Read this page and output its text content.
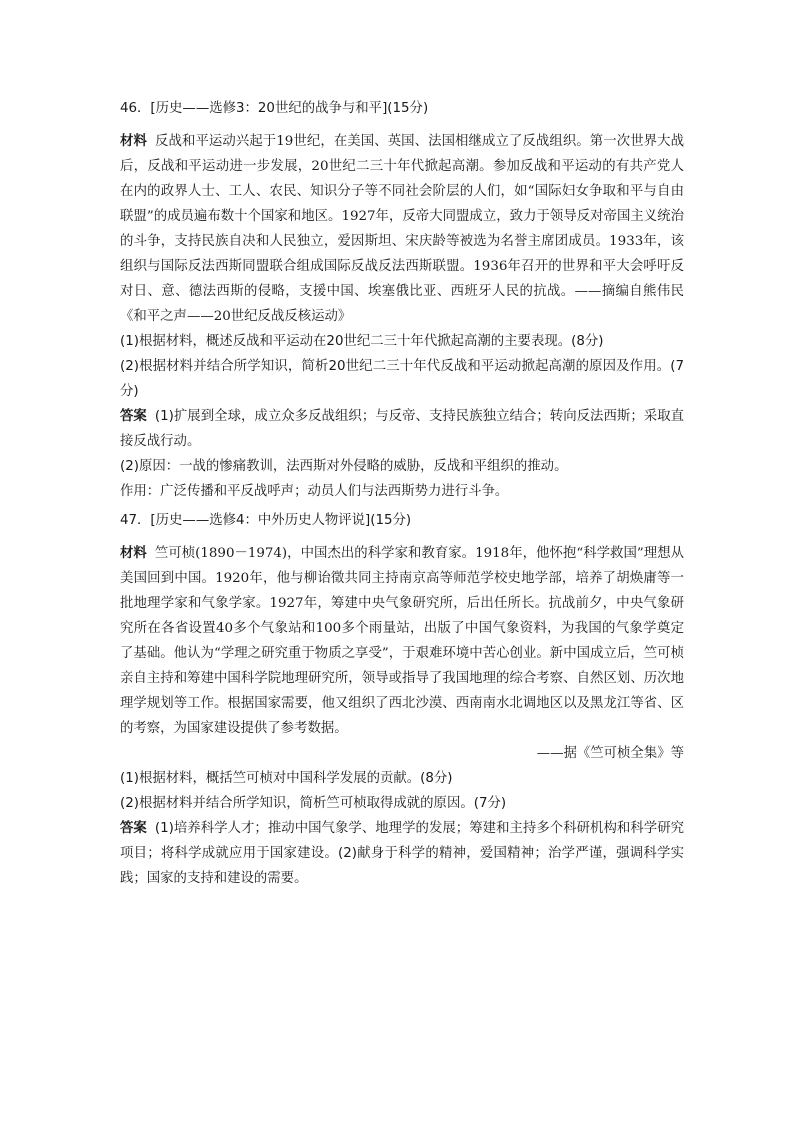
46．[历史——选修3：20世纪的战争与和平](15分)

材料 反战和平运动兴起于19世纪，在美国、英国、法国相继成立了反战组织。第一次世界大战后，反战和平运动进一步发展，20世纪二三十年代掀起高潮。参加反战和平运动的有共产党人在内的政界人士、工人、农民、知识分子等不同社会阶层的人们，如“国际妇女争取和平与自由联盟”的成员遍布数十个国家和地区。1927年，反帝大同盟成立，致力于领导反对帝国主义统治的斗争，支持民族自决和人民独立，爱因斯坦、宋庆龄等被选为名誉主席团成员。1933年，该组织与国际反法西斯同盟联合组成国际反战反法西斯联盟。1936年召开的世界和平大会呼吁反对日、意、德法西斯的侵略，支援中国、埃塞俄比亚、西班牙人民的抗战。——摘编自熊伟民《和平之声——20世纪反战反核运动》

(1)根据材料，概述反战和平运动在20世纪二三十年代掀起高潮的主要表现。(8分)

(2)根据材料并结合所学知识，简析20世纪二三十年代反战和平运动掀起高潮的原因及作用。(7分)

答案 (1)扩展到全球，成立众多反战组织；与反帝、支持民族独立结合；转向反法西斯；采取直接反战行动。

(2)原因：一战的惨痛教训，法西斯对外侵略的威胁，反战和平组织的推动。

作用：广泛传播和平反战呼声；动员人们与法西斯势力进行斗争。

47．[历史——选修4：中外历史人物评说](15分)

材料 竺可桢(1890－1974)，中国杰出的科学家和教育家。1918年，他怀抱“科学救国”理想从美国回到中国。1920年，他与柳诒徵共同主持南京高等师范学校史地学部，培养了胡焕庸等一批地理学家和气象学家。1927年，筹建中央气象研究所，后出任所长。抗战前夕，中央气象研究所在各省设置40多个气象站和100多个雨量站，出版了中国气象资料，为我国的气象学奠定了基础。他认为“学理之研究重于物质之享受”，于艰难环境中苦心创业。新中国成立后，竺可桢亲自主持和筹建中国科学院地理研究所，领导或指导了我国地理的综合考察、自然区划、历次地理学规划等工作。根据国家需要，他又组织了西北沙漠、西南南水北调地区以及黑龙江等省、区的考察，为国家建设提供了参考数据。

——据《竺可桢全集》等

(1)根据材料，概括竺可桢对中国科学发展的贡献。(8分)

(2)根据材料并结合所学知识，简析竺可桢取得成就的原因。(7分)

答案 (1)培养科学人才；推动中国气象学、地理学的发展；筹建和主持多个科研机构和科学研究项目；将科学成就应用于国家建设。(2)献身于科学的精神，爱国精神；治学严谨，强调科学实践；国家的支持和建设的需要。
